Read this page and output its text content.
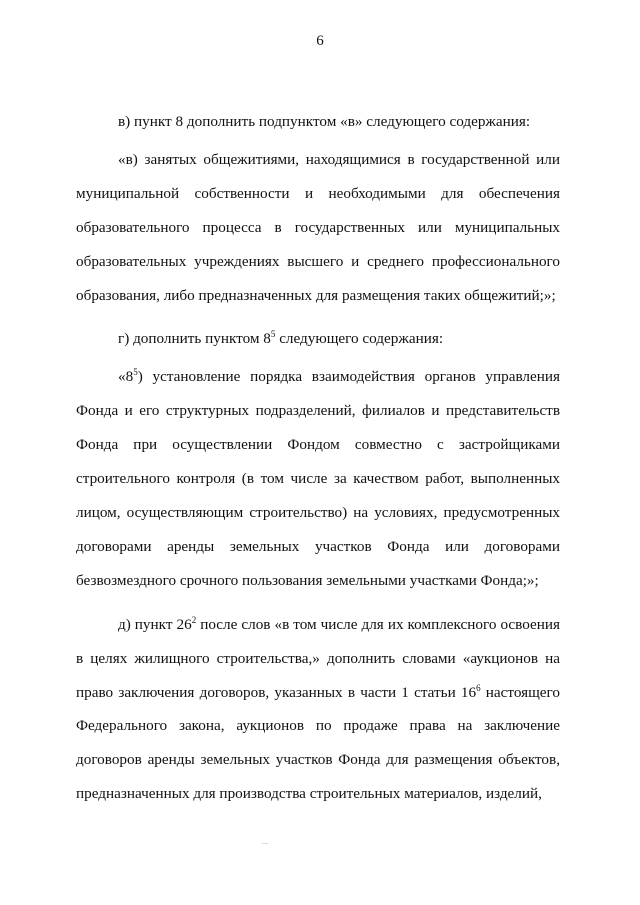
6

в) пункт 8 дополнить подпунктом «в» следующего содержания:

«в) занятых общежитиями, находящимися в государственной или муниципальной собственности и необходимыми для обеспечения образовательного процесса в государственных или муниципальных образовательных учреждениях высшего и среднего профессионального образования, либо предназначенных для размещения таких общежитий;»;

г) дополнить пунктом $8^5$ следующего содержания:

«$8^5$) установление порядка взаимодействия органов управления Фонда и его структурных подразделений, филиалов и представительств Фонда при осуществлении Фондом совместно с застройщиками строительного контроля (в том числе за качеством работ, выполненных лицом, осуществляющим строительство) на условиях, предусмотренных договорами аренды земельных участков Фонда или договорами безвозмездного срочного пользования земельными участками Фонда;»;

д) пункт $26^2$ после слов «в том числе для их комплексного освоения в целях жилищного строительства,» дополнить словами «аукционов на право заключения договоров, указанных в части 1 статьи $16^6$ настоящего Федерального закона, аукционов по продаже права на заключение договоров аренды земельных участков Фонда для размещения объектов, предназначенных для производства строительных материалов, изделий,
